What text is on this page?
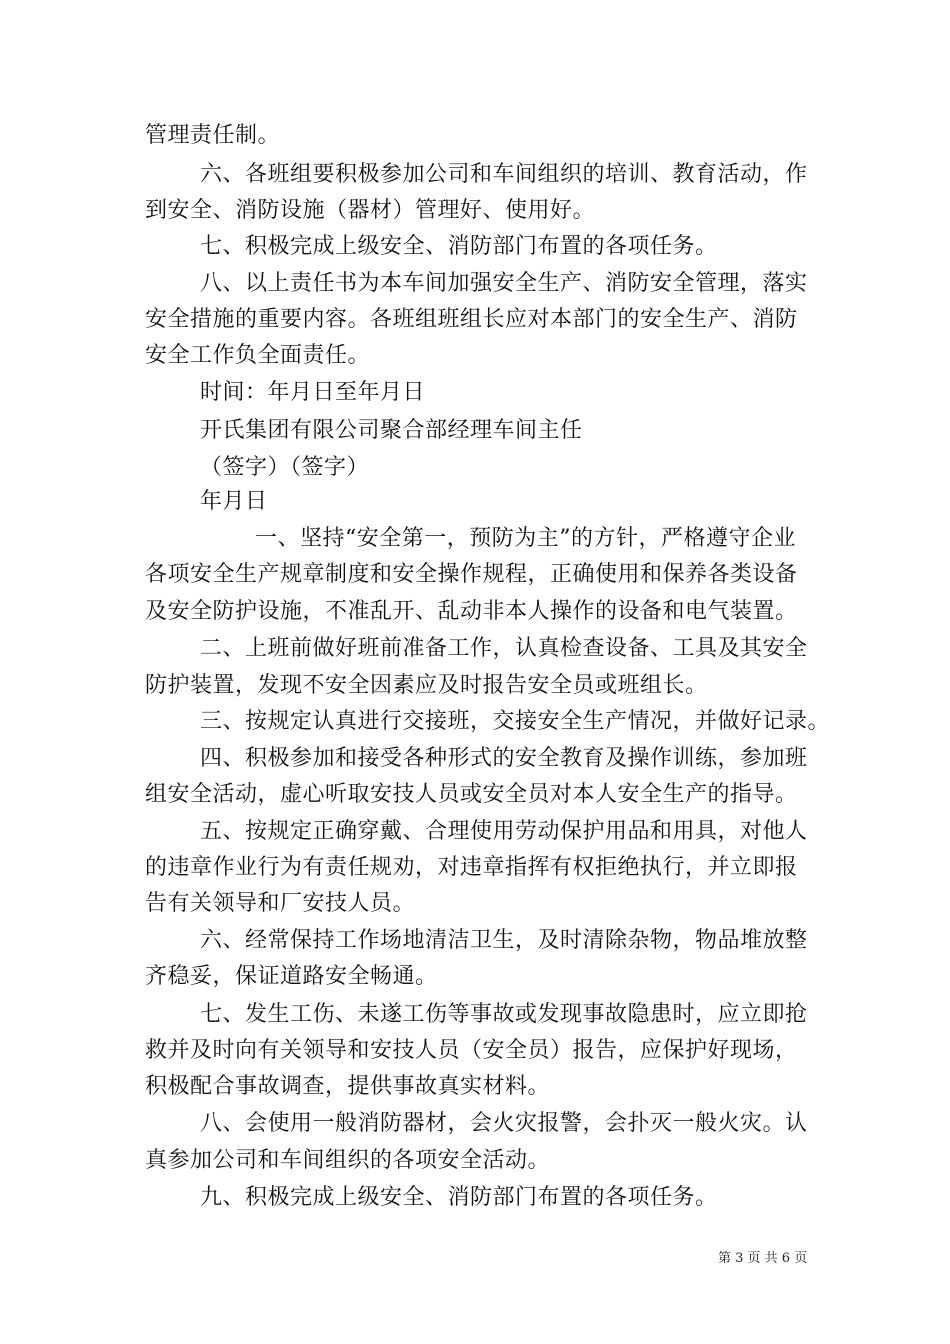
管理责任制。
六、各班组要积极参加公司和车间组织的培训、教育活动，作
到安全、消防设施（器材）管理好、使用好。
七、积极完成上级安全、消防部门布置的各项任务。
八、以上责任书为本车间加强安全生产、消防安全管理，落实
安全措施的重要内容。各班组班组长应对本部门的安全生产、消防
安全工作负全面责任。
时间：年月日至年月日
开氏集团有限公司聚合部经理车间主任
（签字）（签字）
年月日
一、坚持“安全第一，预防为主”的方针，严格遵守企业
各项安全生产规章制度和安全操作规程，正确使用和保养各类设备
及安全防护设施，不准乱开、乱动非本人操作的设备和电气装置。
二、上班前做好班前准备工作，认真检查设备、工具及其安全
防护装置，发现不安全因素应及时报告安全员或班组长。
三、按规定认真进行交接班，交接安全生产情况，并做好记录。
四、积极参加和接受各种形式的安全教育及操作训练，参加班
组安全活动，虚心听取安技人员或安全员对本人安全生产的指导。
五、按规定正确穿戴、合理使用劳动保护用品和用具，对他人
的违章作业行为有责任规劝，对违章指挥有权拒绝执行，并立即报
告有关领导和厂安技人员。
六、经常保持工作场地清洁卫生，及时清除杂物，物品堆放整
齐稳妥，保证道路安全畅通。
七、发生工伤、未遂工伤等事故或发现事故隐患时，应立即抢
救并及时向有关领导和安技人员（安全员）报告，应保护好现场，
积极配合事故调查，提供事故真实材料。
八、会使用一般消防器材，会火灾报警，会扑灭一般火灾。认
真参加公司和车间组织的各项安全活动。
九、积极完成上级安全、消防部门布置的各项任务。
第 3 页 共 6 页
